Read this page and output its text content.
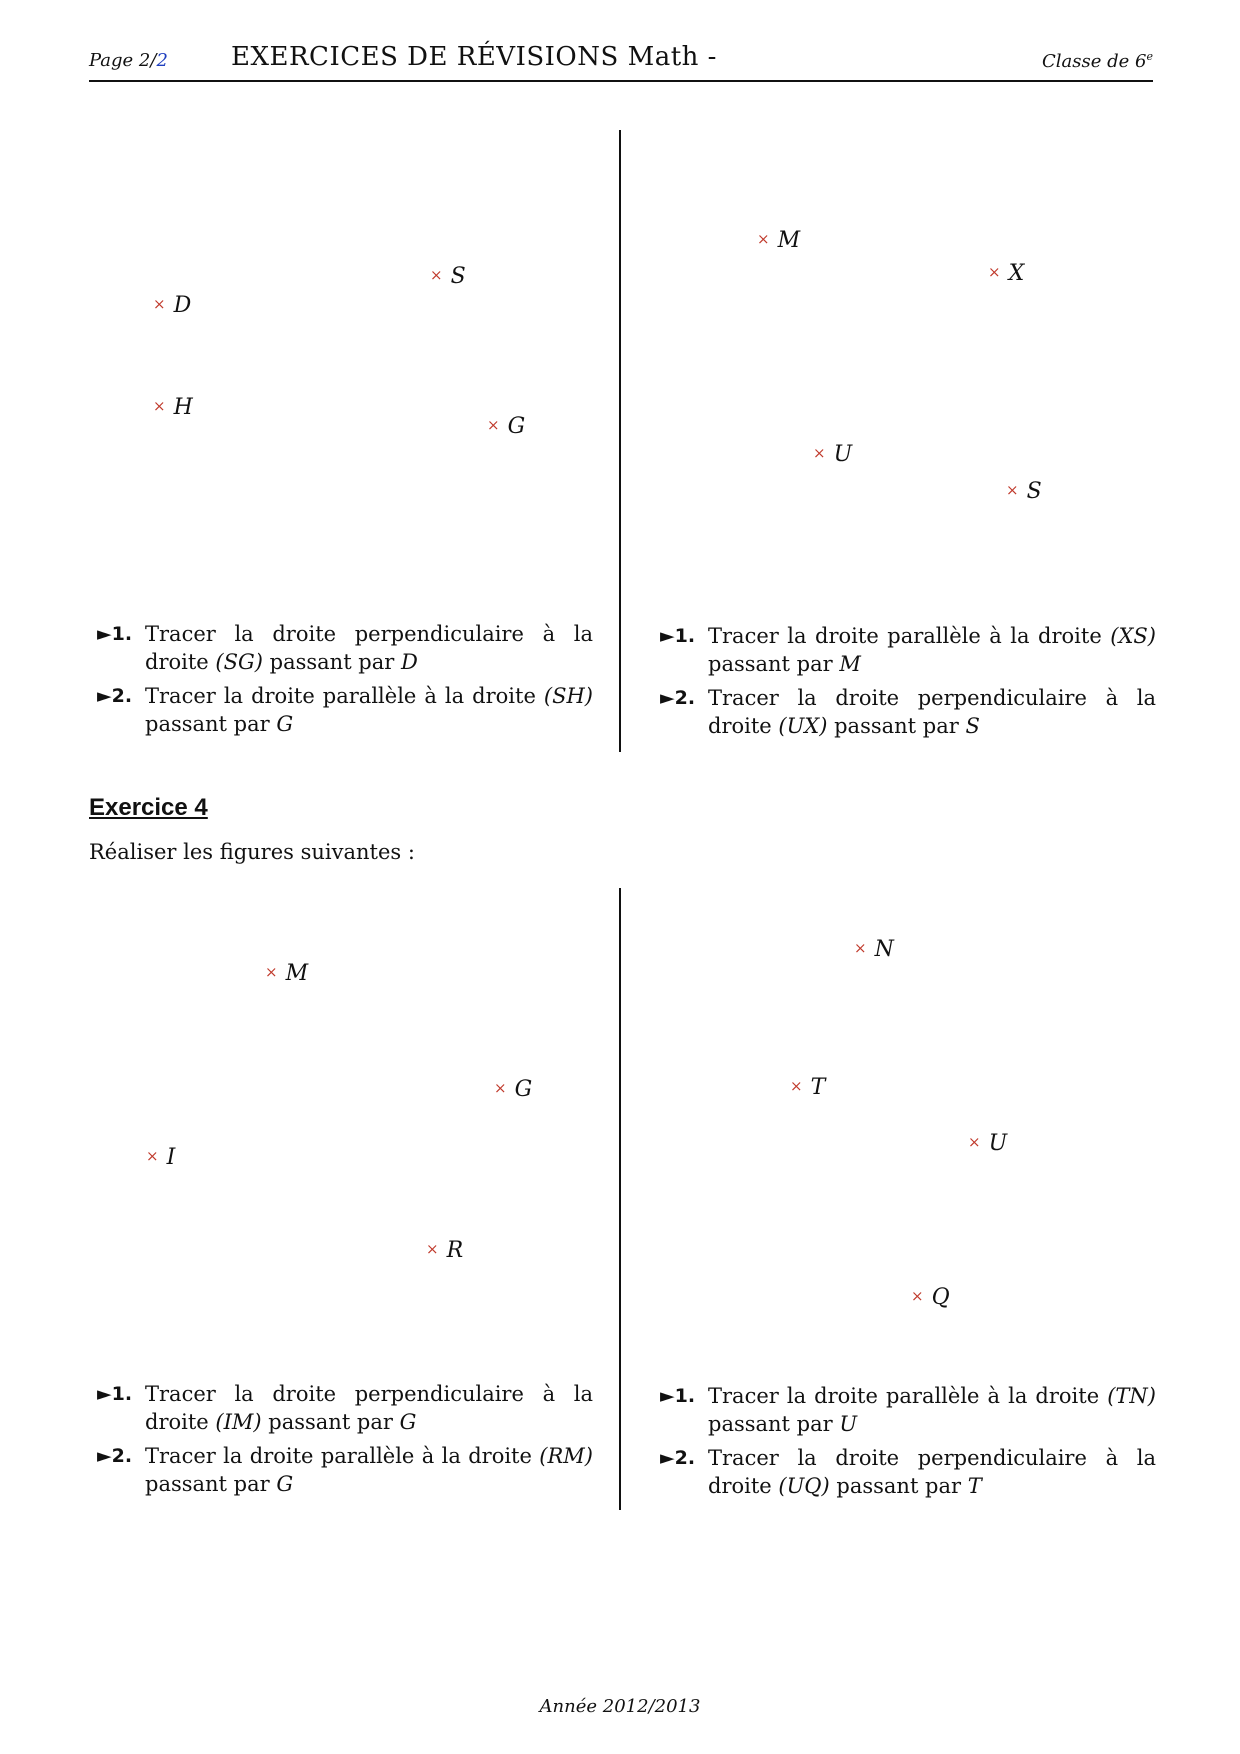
Page 2/2 EXERCICES DE RÉVISIONS Math -	Classe de $6^e$
× S
× D
× H
× G
►1. Tracer la droite perpendiculaire à la droite (SG) passant par D
►2. Tracer la droite parallèle à la droite (SH) passant par G
× M
× X
× U
× S
►1. Tracer la droite parallèle à la droite (XS) passant par M
►2. Tracer la droite perpendiculaire à la droite (UX) passant par S
Exercice 4
Réaliser les figures suivantes :
× M
× G
× I
× R
►1. Tracer la droite perpendiculaire à la droite (IM) passant par G
►2. Tracer la droite parallèle à la droite (RM) passant par G
× N
× T
× U
× Q
►1. Tracer la droite parallèle à la droite (TN) passant par U
►2. Tracer la droite perpendiculaire à la droite (UQ) passant par T
Année 2012/2013
